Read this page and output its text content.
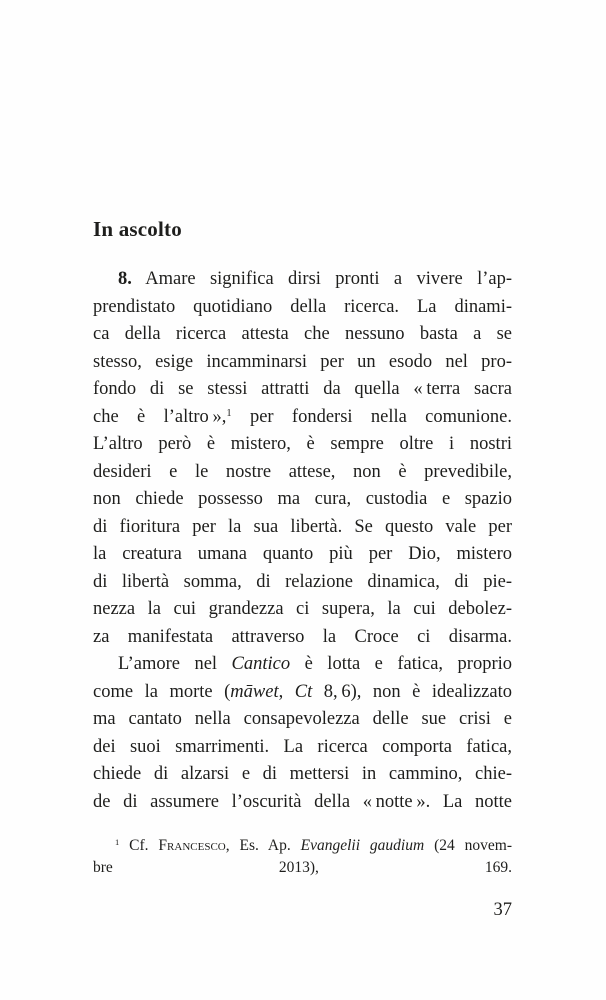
In ascolto
8. Amare significa dirsi pronti a vivere l’ap-
prendistato quotidiano della ricerca. La dinami-
ca della ricerca attesta che nessuno basta a se
stesso, esige incamminarsi per un esodo nel pro-
fondo di se stessi attratti da quella « terra sacra
che è l’altro »,$^1$ per fondersi nella comunione.
L’altro però è mistero, è sempre oltre i nostri
desideri e le nostre attese, non è prevedibile,
non chiede possesso ma cura, custodia e spazio
di fioritura per la sua libertà. Se questo vale per
la creatura umana quanto più per Dio, mistero
di libertà somma, di relazione dinamica, di pie-
nezza la cui grandezza ci supera, la cui debolez-
za manifestata attraverso la Croce ci disarma.
L’amore nel Cantico è lotta e fatica, proprio
come la morte (māwet, Ct 8, 6), non è idealizzato
ma cantato nella consapevolezza delle sue crisi e
dei suoi smarrimenti. La ricerca comporta fatica,
chiede di alzarsi e di mettersi in cammino, chie-
de di assumere l’oscurità della « notte ». La notte
$^1$ Cf. Francesco, Es. Ap. Evangelii gaudium (24 novem-
bre 2013), 169.
37
